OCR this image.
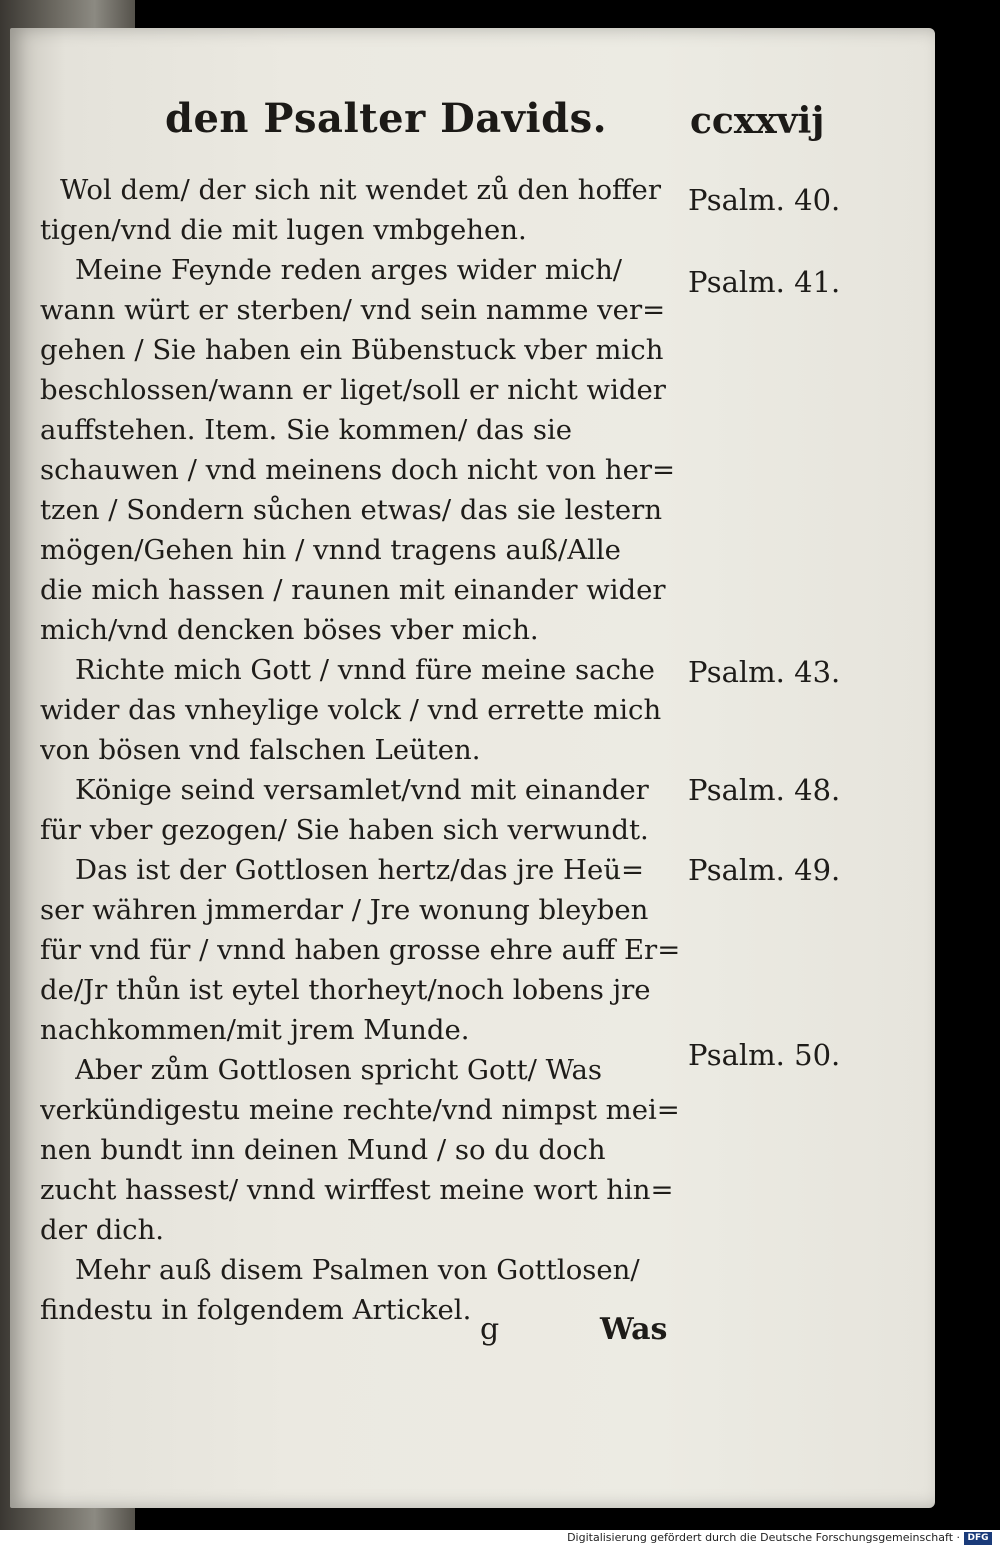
den Psalter Davids. ccxxvij
Wol dem/ der sich nit wendet zů den hoffer
tigen/vnd die mit lugen vmbgehen.
Meine Feynde reden arges wider mich/
wann würt er sterben/ vnd sein namme ver=
gehen / Sie haben ein Bübenstuck vber mich
beschlossen/wann er liget/soll er nicht wider
auffstehen. Item. Sie kommen/ das sie
schauwen / vnd meinens doch nicht von her=
tzen / Sondern sůchen etwas/ das sie lestern
mögen/Gehen hin / vnnd tragens auß/Alle
die mich hassen / raunen mit einander wider
mich/vnd dencken böses vber mich.
Richte mich Gott / vnnd füre meine sache
wider das vnheylige volck / vnd errette mich
von bösen vnd falschen Leüten.
Könige seind versamlet/vnd mit einander
für vber gezogen/ Sie haben sich verwundt.
Das ist der Gottlosen hertz/das jre Heü=
ser währen jmmerdar / Jre wonung bleyben
für vnd für / vnnd haben grosse ehre auff Er=
de/Jr thůn ist eytel thorheyt/noch lobens jre
nachkommen/mit jrem Munde.
Aber zům Gottlosen spricht Gott/ Was
verkündigestu meine rechte/vnd nimpst mei=
nen bundt inn deinen Mund / so du doch
zucht hassest/ vnnd wirffest meine wort hin=
der dich.
Mehr auß disem Psalmen von Gottlosen/
findestu in folgendem Artickel.
Psalm. 40.
Psalm. 41.
Psalm. 43.
Psalm. 48.
Psalm. 49.
Psalm. 50.
g	Was
Digitalisierung gefördert durch die Deutsche Forschungsgemeinschaft · DFG
